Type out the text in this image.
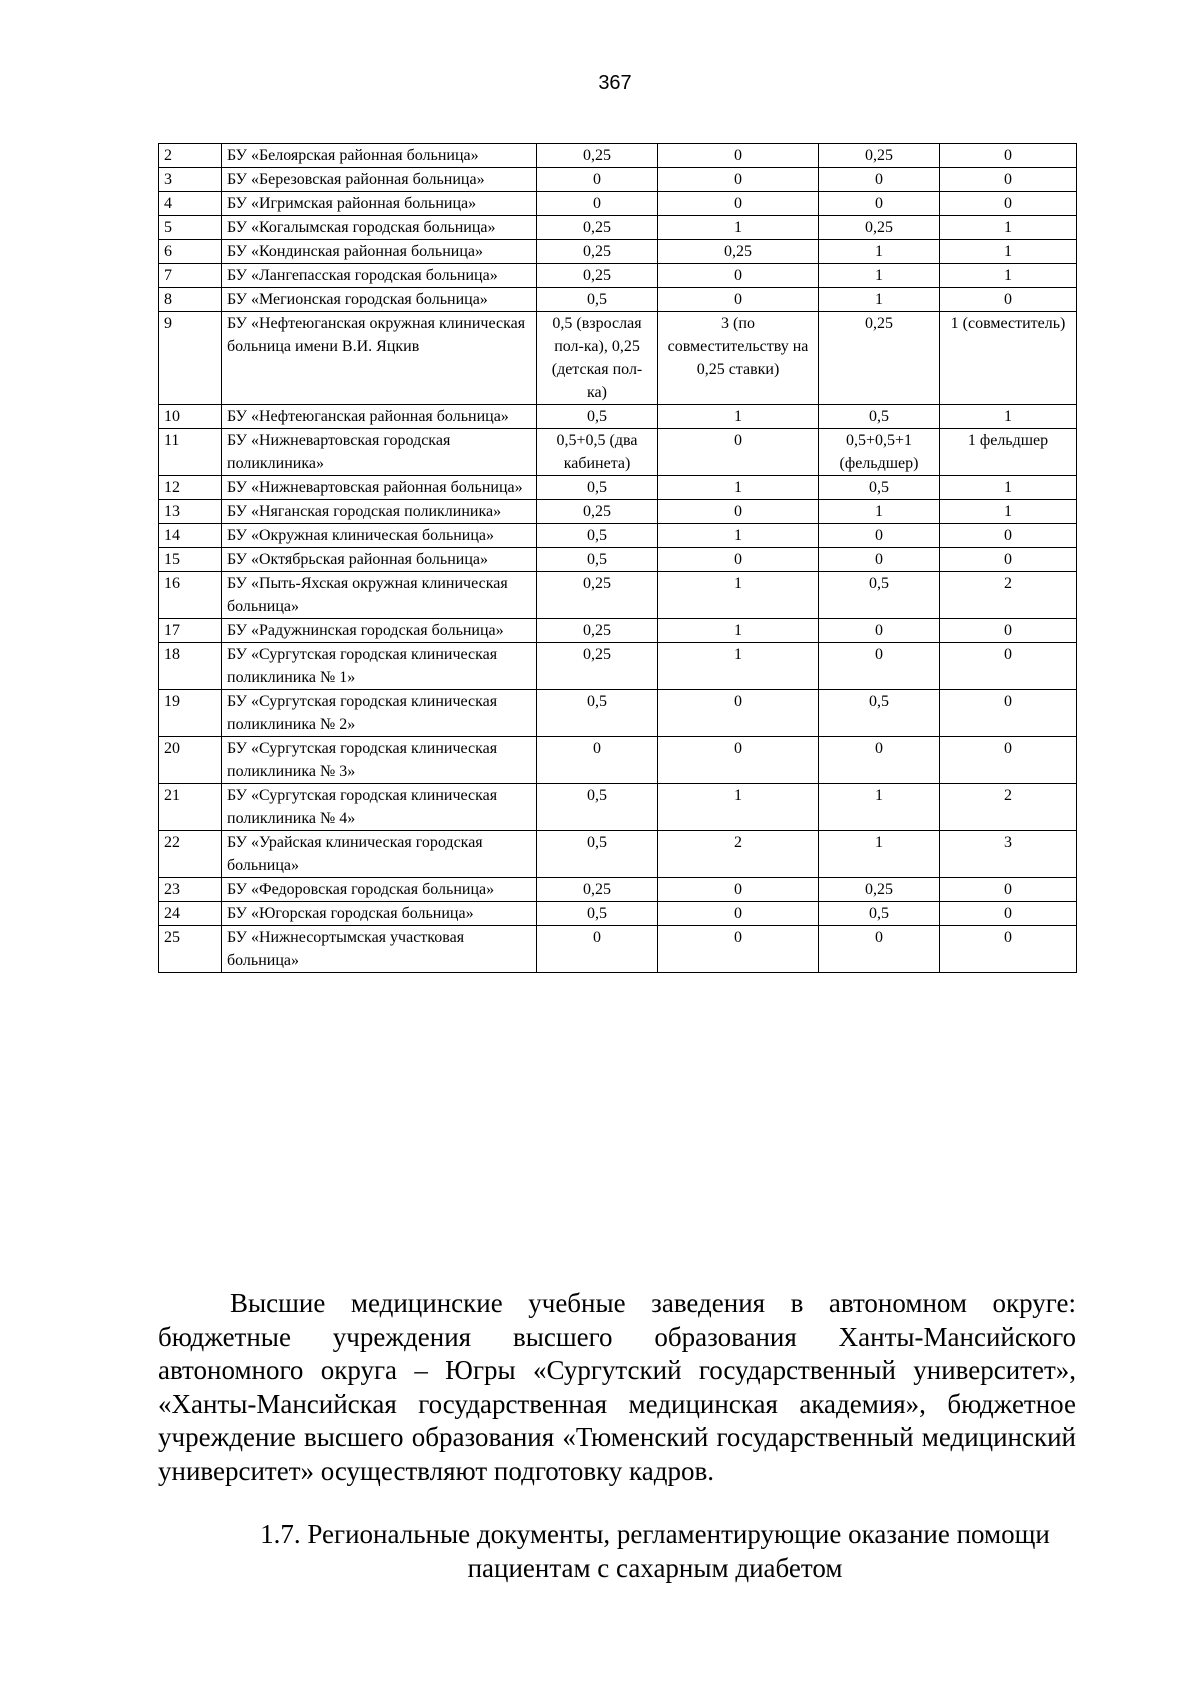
367
2	БУ «Белоярская районная больница»	0,25	0	0,25	0
3	БУ «Березовская районная больница»	0	0	0	0
4	БУ «Игримская районная больница»	0	0	0	0
5	БУ «Когалымская городская больница»	0,25	1	0,25	1
6	БУ «Кондинская районная больница»	0,25	0,25	1	1
7	БУ «Лангепасская городская больница»	0,25	0	1	1
8	БУ «Мегионская городская больница»	0,5	0	1	0
9	БУ «Нефтеюганская окружная клиническая больница имени В.И. Яцкив	0,5 (взрослая пол-ка), 0,25 (детская пол-ка)	3 (по совместительству на 0,25 ставки)	0,25	1 (совместитель)
10	БУ «Нефтеюганская районная больница»	0,5	1	0,5	1
11	БУ «Нижневартовская городская поликлиника»	0,5+0,5 (два кабинета)	0	0,5+0,5+1 (фельдшер)	1 фельдшер
12	БУ «Нижневартовская районная больница»	0,5	1	0,5	1
13	БУ «Няганская городская поликлиника»	0,25	0	1	1
14	БУ «Окружная клиническая больница»	0,5	1	0	0
15	БУ «Октябрьская районная больница»	0,5	0	0	0
16	БУ «Пыть-Яхская окружная клиническая больница»	0,25	1	0,5	2
17	БУ «Радужнинская городская больница»	0,25	1	0	0
18	БУ «Сургутская городская клиническая поликлиника № 1»	0,25	1	0	0
19	БУ «Сургутская городская клиническая поликлиника № 2»	0,5	0	0,5	0
20	БУ «Сургутская городская клиническая поликлиника № 3»	0	0	0	0
21	БУ «Сургутская городская клиническая поликлиника № 4»	0,5	1	1	2
22	БУ «Урайская клиническая городская больница»	0,5	2	1	3
23	БУ «Федоровская городская больница»	0,25	0	0,25	0
24	БУ «Югорская городская больница»	0,5	0	0,5	0
25	БУ «Нижнесортымская участковая больница»	0	0	0	0

Высшие медицинские учебные заведения в автономном округе: бюджетные учреждения высшего образования Ханты-Мансийского автономного округа – Югры «Сургутский государственный университет», «Ханты-Мансийская государственная медицинская академия», бюджетное учреждение высшего образования «Тюменский государственный медицинский университет» осуществляют подготовку кадров.

1.7. Региональные документы, регламентирующие оказание помощи пациентам с сахарным диабетом
